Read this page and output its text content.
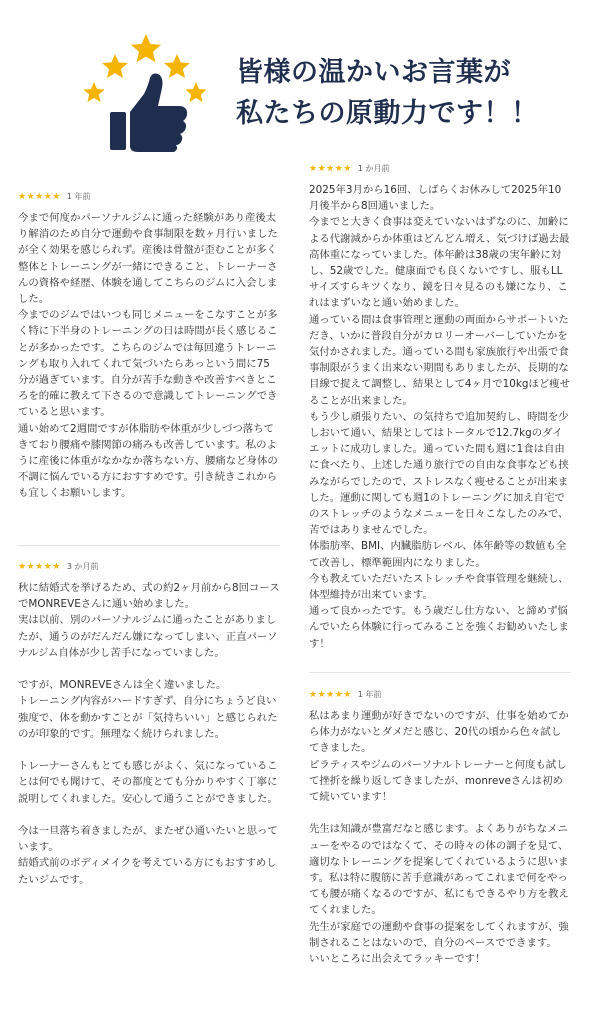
皆様の温かいお言葉が
私たちの原動力です！！
★★★★★ 1 年前

今まで何度かパーソナルジムに通った経験があり産後太り解消のため自分で運動や食事制限を数ヶ月行いましたが全く効果を感じられず。産後は骨盤が歪むことが多く整体とトレーニングが一緒にできること、トレーナーさんの資格や経歴、体験を通してこちらのジムに入会しました。
今までのジムではいつも同じメニューをこなすことが多く特に下半身のトレーニングの日は時間が長く感じることが多かったです。こちらのジムでは毎回違うトレーニングも取り入れてくれて気づいたらあっという間に75分が過ぎています。自分が苦手な動きや改善すべきところを的確に教えて下さるので意識してトレーニングできていると思います。
通い始めて2週間ですが体脂肪や体重が少しづつ落ちてきており腰痛や膝関節の痛みも改善しています。私のように産後に体重がなかなか落ちない方、腰痛など身体の不調に悩んでいる方におすすめです。引き続きこれからも宜しくお願いします。

★★★★★ 3 か月前

秋に結婚式を挙げるため、式の約2ヶ月前から8回コースでMONREVEさんに通い始めました。
実は以前、別のパーソナルジムに通ったことがありましたが、通うのがだんだん嫌になってしまい、正直パーソナルジム自体が少し苦手になっていました。

ですが、MONREVEさんは全く違いました。
トレーニング内容がハードすぎず、自分にちょうど良い強度で、体を動かすことが「気持ちいい」と感じられたのが印象的です。無理なく続けられました。

トレーナーさんもとても感じがよく、気になっていることは何でも聞けて、その都度とても分かりやすく丁寧に説明してくれました。安心して通うことができました。

今は一旦落ち着きましたが、またぜひ通いたいと思っています。
結婚式前のボディメイクを考えている方にもおすすめしたいジムです。

★★★★★ 1 か月前

2025年3月から16回、しばらくお休みして2025年10月後半から8回通いました。
今までと大きく食事は変えていないはずなのに、加齢による代謝減からか体重はどんどん増え、気づけば過去最高体重になっていました。体年齢は38歳の実年齢に対し、52歳でした。健康面でも良くないですし、服もLLサイズすらキツくなり、鏡を日々見るのも嫌になり、これはまずいなと通い始めました。
通っている間は食事管理と運動の両面からサポートいただき、いかに普段自分がカロリーオーバーしていたかを気付かされました。通っている間も家族旅行や出張で食事制限がうまく出来ない期間もありましたが、長期的な目線で捉えて調整し、結果として4ヶ月で10kgほど痩せることが出来ました。
もう少し頑張りたい、の気持ちで追加契約し、時間を少しおいて通い、結果としてはトータルで12.7kgのダイエットに成功しました。通っていた間も週に1食は自由に食べたり、上述した通り旅行での自由な食事なども挟みながらでしたので、ストレスなく痩せることが出来ました。運動に関しても週1のトレーニングに加え自宅でのストレッチのようなメニューを日々こなしたのみで、苦ではありませんでした。
体脂肪率、BMI、内臓脂肪レベル、体年齢等の数値も全て改善し、標準範囲内になりました。
今も教えていただいたストレッチや食事管理を継続し、体型維持が出来ています。
通って良かったです。もう歳だし仕方ない、と諦めず悩んでいたら体験に行ってみることを強くお勧めいたします！

★★★★★ 1 年前

私はあまり運動が好きでないのですが、仕事を始めてから体力がないとダメだと感じ、20代の頃から色々試してきました。
ピラティスやジムのパーソナルトレーナーと何度も試して挫折を繰り返してきましたが、monreveさんは初めて続いています！

先生は知識が豊富だなと感じます。よくありがちなメニューをやるのではなくて、その時々の体の調子を見て、適切なトレーニングを提案してくれているように思います。私は特に腹筋に苦手意識があってこれまで何をやっても腰が痛くなるのですが、私にもできるやり方を教えてくれました。
先生が家庭での運動や食事の提案をしてくれますが、強制されることはないので、自分のペースでできます。
いいところに出会えてラッキーです！
